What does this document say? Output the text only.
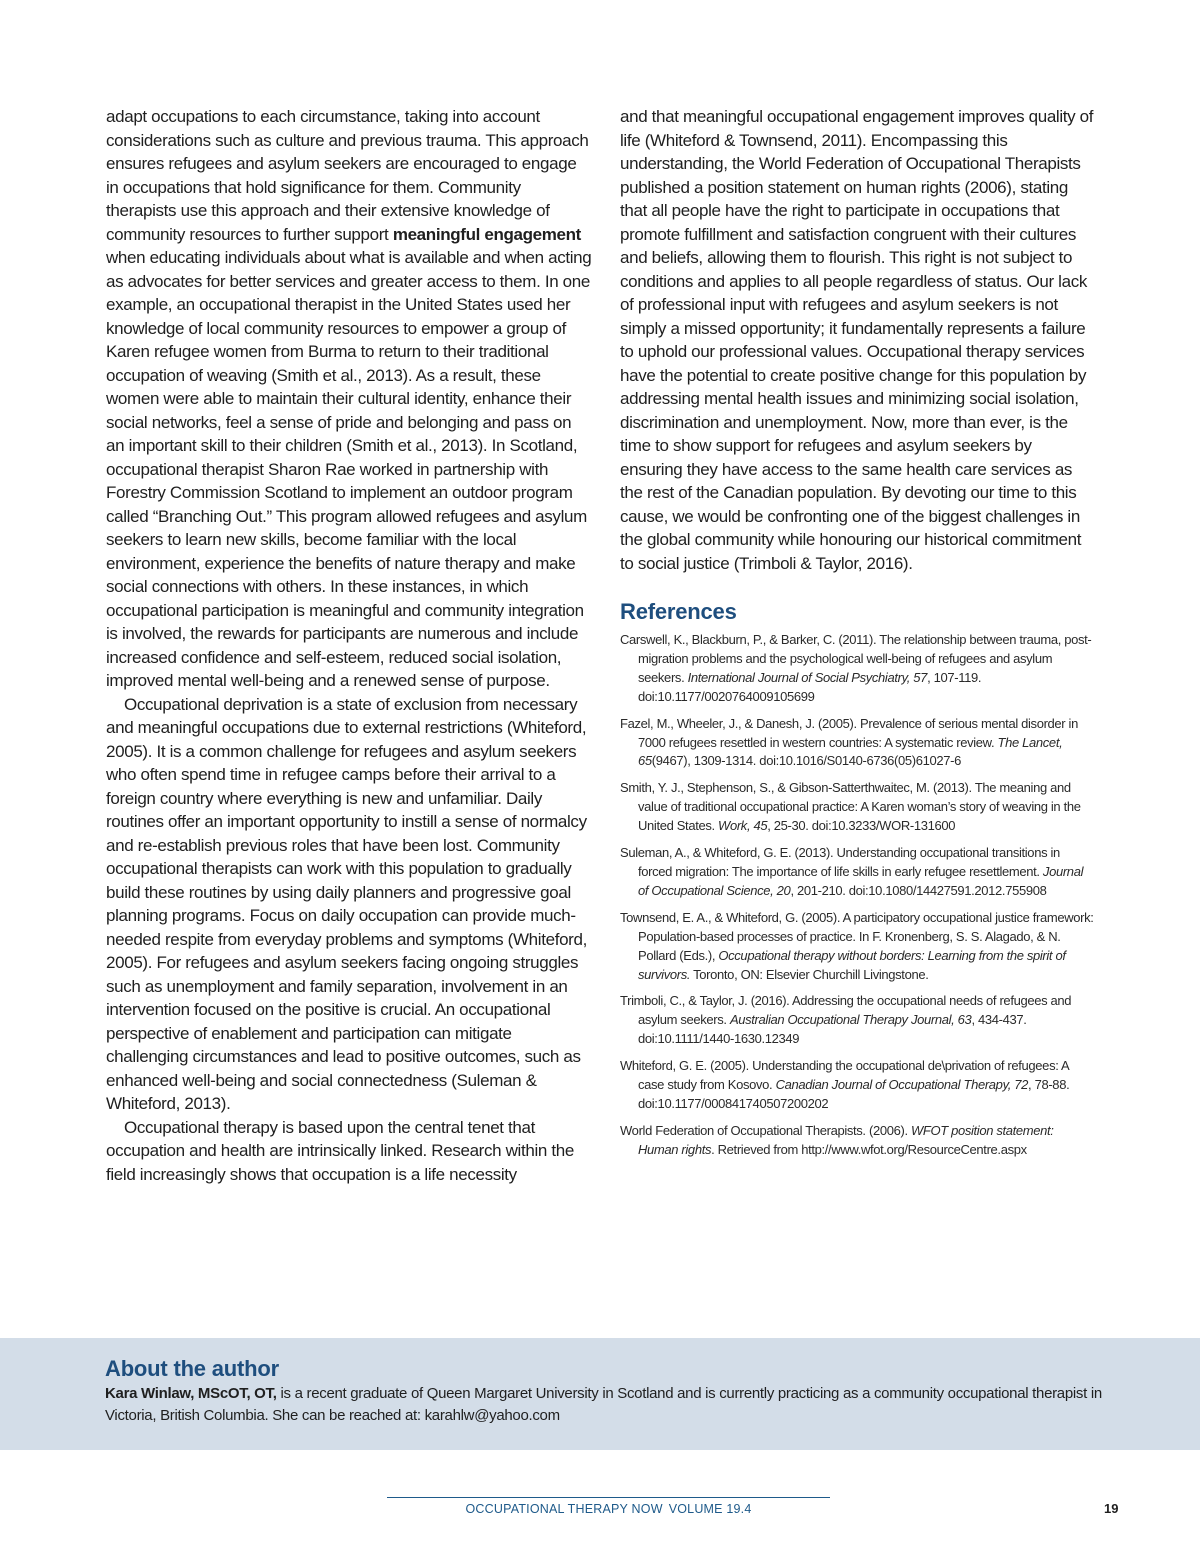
adapt occupations to each circumstance, taking into account considerations such as culture and previous trauma. This approach ensures refugees and asylum seekers are encouraged to engage in occupations that hold significance for them. Community therapists use this approach and their extensive knowledge of community resources to further support meaningful engagement when educating individuals about what is available and when acting as advocates for better services and greater access to them. In one example, an occupational therapist in the United States used her knowledge of local community resources to empower a group of Karen refugee women from Burma to return to their traditional occupation of weaving (Smith et al., 2013). As a result, these women were able to maintain their cultural identity, enhance their social networks, feel a sense of pride and belonging and pass on an important skill to their children (Smith et al., 2013). In Scotland, occupational therapist Sharon Rae worked in partnership with Forestry Commission Scotland to implement an outdoor program called “Branching Out.” This program allowed refugees and asylum seekers to learn new skills, become familiar with the local environment, experience the benefits of nature therapy and make social connections with others. In these instances, in which occupational participation is meaningful and community integration is involved, the rewards for participants are numerous and include increased confidence and self-esteem, reduced social isolation, improved mental well-being and a renewed sense of purpose.

Occupational deprivation is a state of exclusion from necessary and meaningful occupations due to external restrictions (Whiteford, 2005). It is a common challenge for refugees and asylum seekers who often spend time in refugee camps before their arrival to a foreign country where everything is new and unfamiliar. Daily routines offer an important opportunity to instill a sense of normalcy and re-establish previous roles that have been lost. Community occupational therapists can work with this population to gradually build these routines by using daily planners and progressive goal planning programs. Focus on daily occupation can provide much-needed respite from everyday problems and symptoms (Whiteford, 2005). For refugees and asylum seekers facing ongoing struggles such as unemployment and family separation, involvement in an intervention focused on the positive is crucial. An occupational perspective of enablement and participation can mitigate challenging circumstances and lead to positive outcomes, such as enhanced well-being and social connectedness (Suleman & Whiteford, 2013).

Occupational therapy is based upon the central tenet that occupation and health are intrinsically linked. Research within the field increasingly shows that occupation is a life necessity

and that meaningful occupational engagement improves quality of life (Whiteford & Townsend, 2011). Encompassing this understanding, the World Federation of Occupational Therapists published a position statement on human rights (2006), stating that all people have the right to participate in occupations that promote fulfillment and satisfaction congruent with their cultures and beliefs, allowing them to flourish. This right is not subject to conditions and applies to all people regardless of status. Our lack of professional input with refugees and asylum seekers is not simply a missed opportunity; it fundamentally represents a failure to uphold our professional values. Occupational therapy services have the potential to create positive change for this population by addressing mental health issues and minimizing social isolation, discrimination and unemployment. Now, more than ever, is the time to show support for refugees and asylum seekers by ensuring they have access to the same health care services as the rest of the Canadian population. By devoting our time to this cause, we would be confronting one of the biggest challenges in the global community while honouring our historical commitment to social justice (Trimboli & Taylor, 2016).

References

Carswell, K., Blackburn, P., & Barker, C. (2011). The relationship between trauma, post-migration problems and the psychological well-being of refugees and asylum seekers. International Journal of Social Psychiatry, 57, 107-119. doi:10.1177/0020764009105699

Fazel, M., Wheeler, J., & Danesh, J. (2005). Prevalence of serious mental disorder in 7000 refugees resettled in western countries: A systematic review. The Lancet, 65(9467), 1309-1314. doi:10.1016/S0140-6736(05)61027-6

Smith, Y. J., Stephenson, S., & Gibson-Satterthwaitec, M. (2013). The meaning and value of traditional occupational practice: A Karen woman’s story of weaving in the United States. Work, 45, 25-30. doi:10.3233/WOR-131600

Suleman, A., & Whiteford, G. E. (2013). Understanding occupational transitions in forced migration: The importance of life skills in early refugee resettlement. Journal of Occupational Science, 20, 201-210. doi:10.1080/14427591.2012.755908

Townsend, E. A., & Whiteford, G. (2005). A participatory occupational justice framework: Population-based processes of practice. In F. Kronenberg, S. S. Alagado, & N. Pollard (Eds.), Occupational therapy without borders: Learning from the spirit of survivors. Toronto, ON: Elsevier Churchill Livingstone.

Trimboli, C., & Taylor, J. (2016). Addressing the occupational needs of refugees and asylum seekers. Australian Occupational Therapy Journal, 63, 434-437. doi:10.1111/1440-1630.12349

Whiteford, G. E. (2005). Understanding the occupational de\privation of refugees: A case study from Kosovo. Canadian Journal of Occupational Therapy, 72, 78-88. doi:10.1177/000841740507200202

World Federation of Occupational Therapists. (2006). WFOT position statement: Human rights. Retrieved from http://www.wfot.org/ResourceCentre.aspx

About the author

Kara Winlaw, MScOT, OT, is a recent graduate of Queen Margaret University in Scotland and is currently practicing as a community occupational therapist in Victoria, British Columbia. She can be reached at: karahlw@yahoo.com

OCCUPATIONAL THERAPY NOW VOLUME 19.4	19
